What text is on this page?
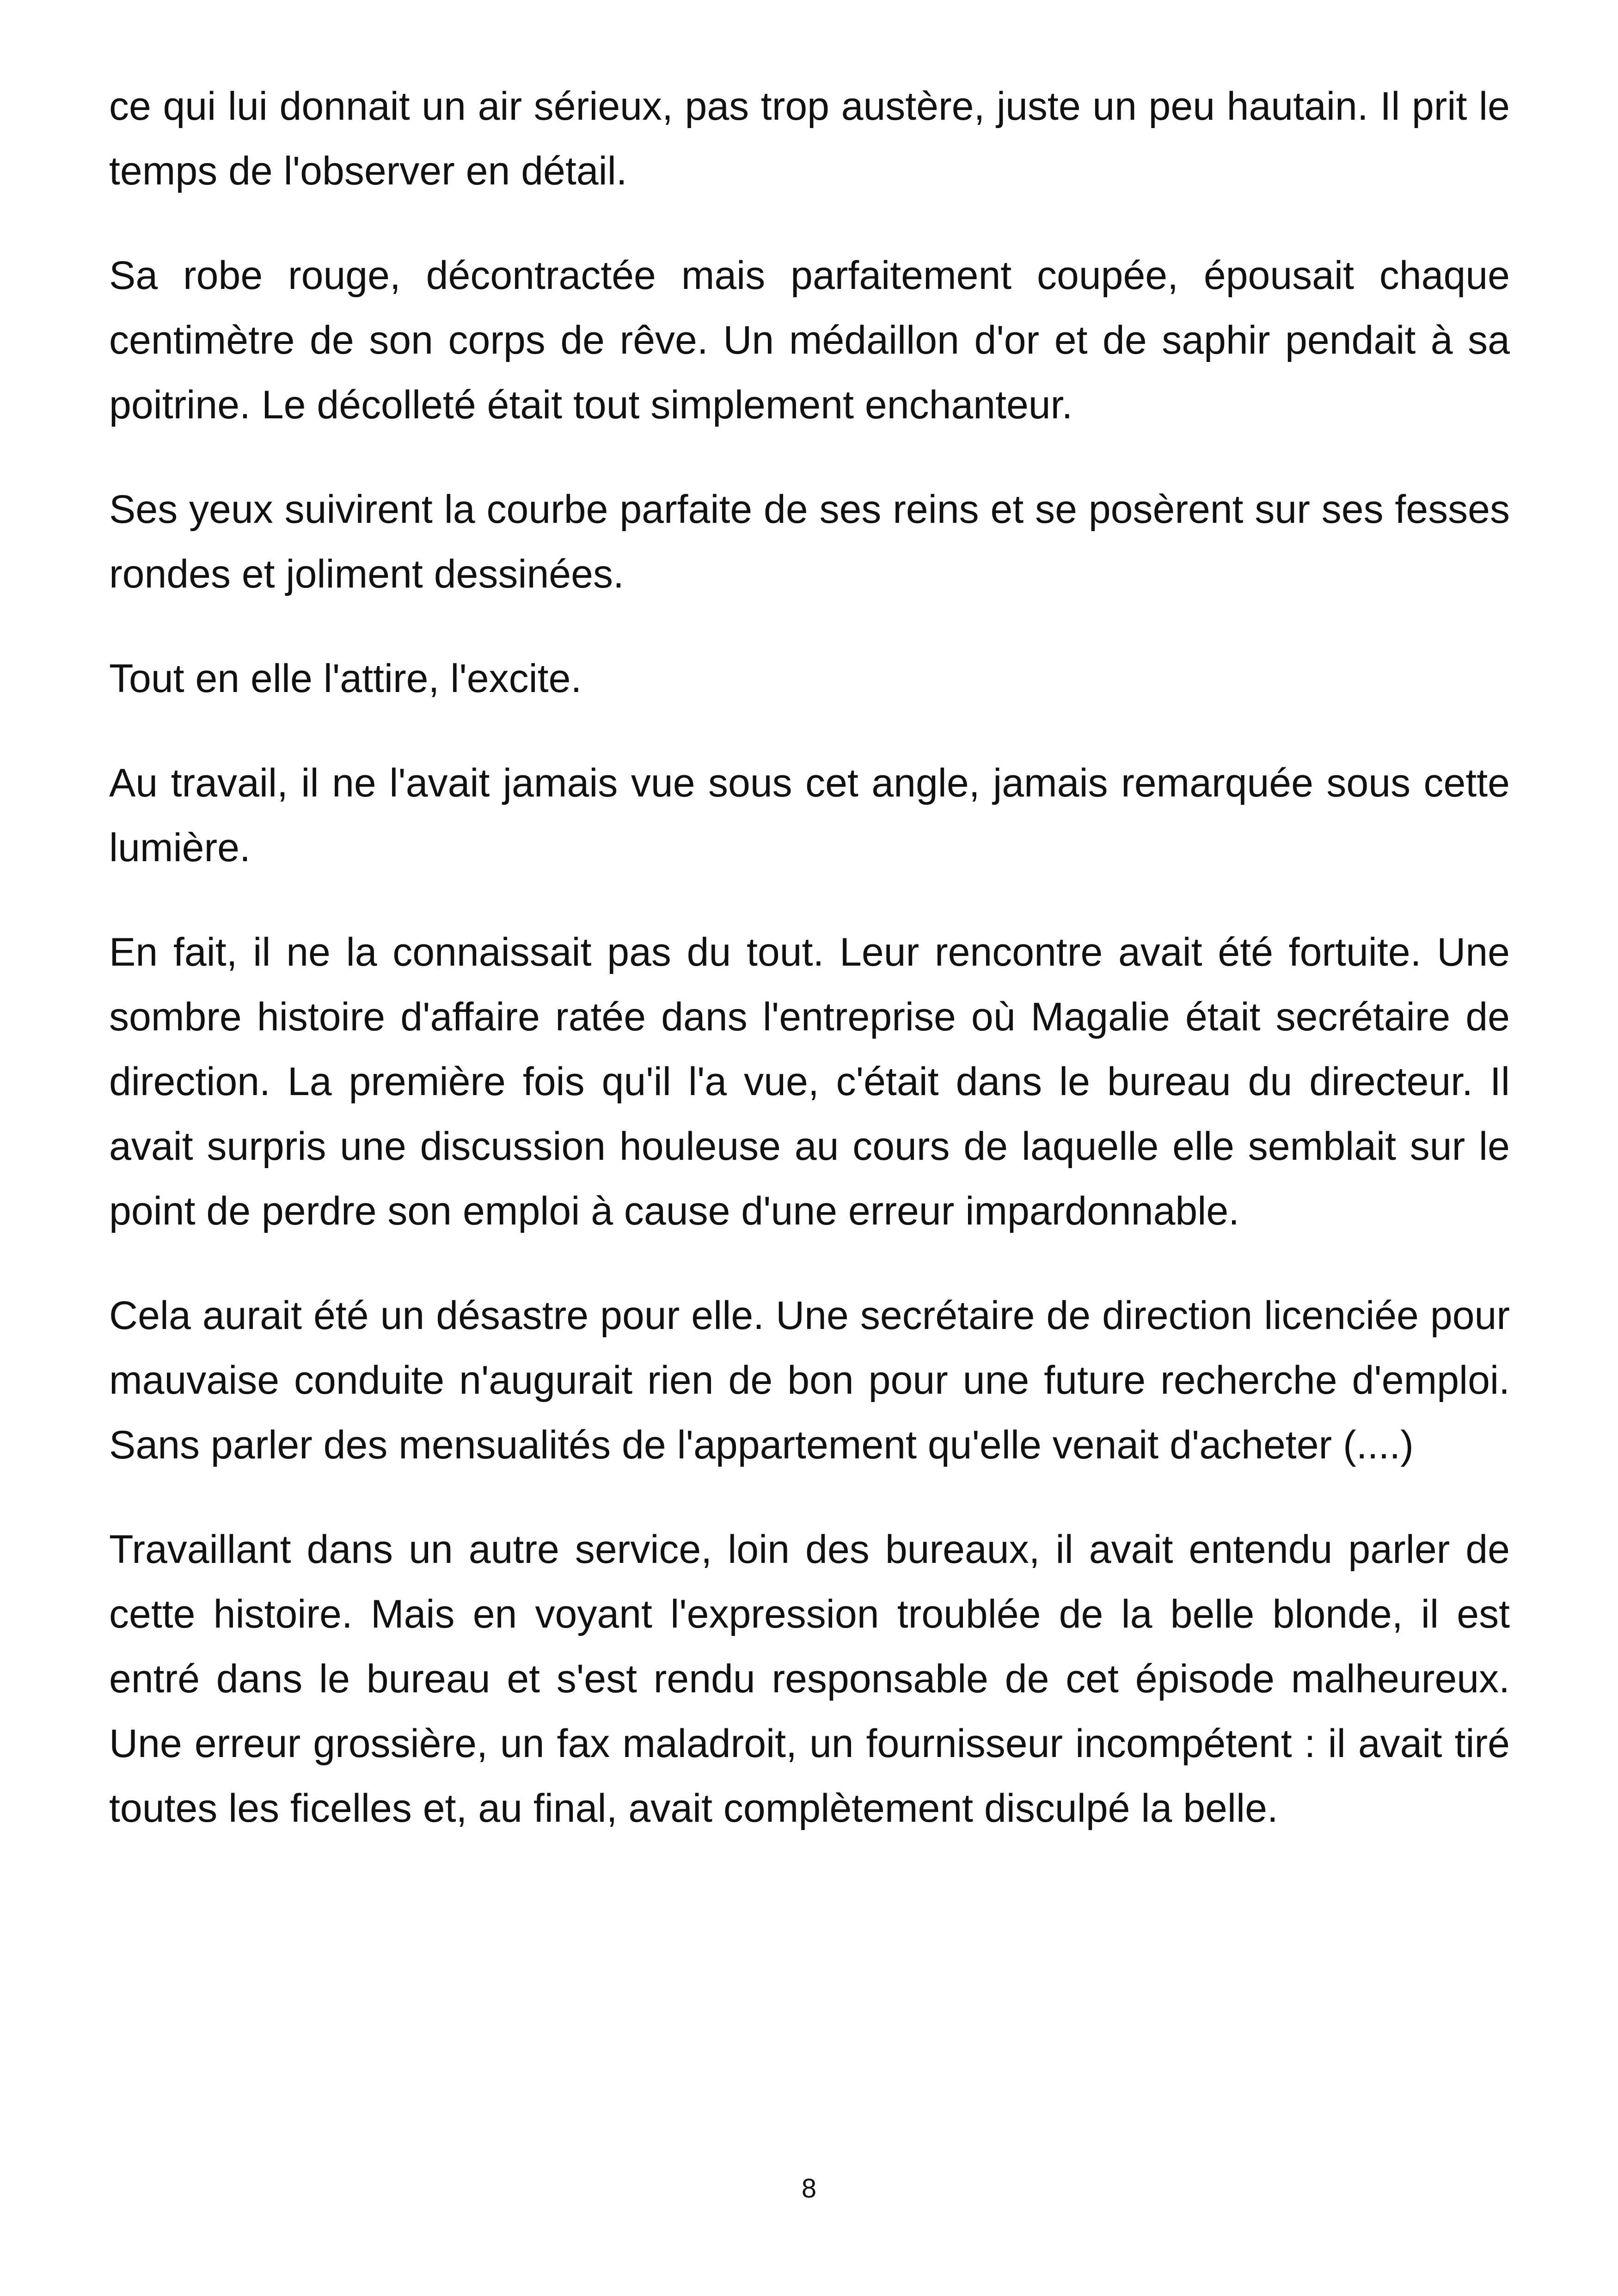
ce qui lui donnait un air sérieux, pas trop austère, juste un peu hautain. Il prit le temps de l'observer en détail.

Sa robe rouge, décontractée mais parfaitement coupée, épousait chaque centimètre de son corps de rêve. Un médaillon d'or et de saphir pendait à sa poitrine. Le décolleté était tout simplement enchanteur.

Ses yeux suivirent la courbe parfaite de ses reins et se posèrent sur ses fesses rondes et joliment dessinées.

Tout en elle l'attire, l'excite.

Au travail, il ne l'avait jamais vue sous cet angle, jamais remarquée sous cette lumière.

En fait, il ne la connaissait pas du tout. Leur rencontre avait été fortuite. Une sombre histoire d'affaire ratée dans l'entreprise où Magalie était secrétaire de direction. La première fois qu'il l'a vue, c'était dans le bureau du directeur. Il avait surpris une discussion houleuse au cours de laquelle elle semblait sur le point de perdre son emploi à cause d'une erreur impardonnable.

Cela aurait été un désastre pour elle. Une secrétaire de direction licenciée pour mauvaise conduite n'augurait rien de bon pour une future recherche d'emploi. Sans parler des mensualités de l'appartement qu'elle venait d'acheter (....)

Travaillant dans un autre service, loin des bureaux, il avait entendu parler de cette histoire. Mais en voyant l'expression troublée de la belle blonde, il est entré dans le bureau et s'est rendu responsable de cet épisode malheureux. Une erreur grossière, un fax maladroit, un fournisseur incompétent : il avait tiré toutes les ficelles et, au final, avait complètement disculpé la belle.

8
